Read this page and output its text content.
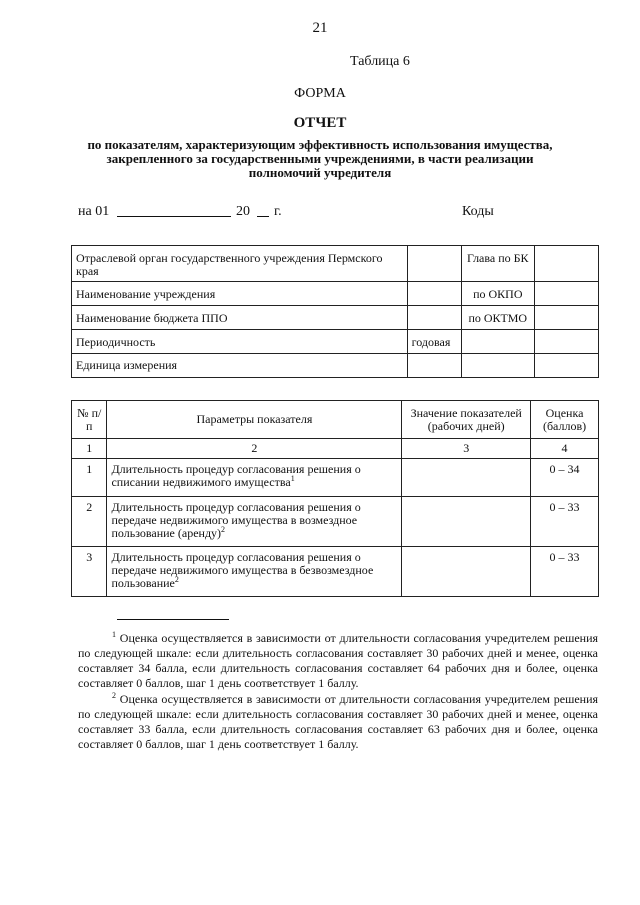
21
Таблица 6
ФОРМА
ОТЧЕТ
по показателям, характеризующим эффективность использования имущества, закрепленного за государственными учреждениями, в части реализации полномочий учредителя
на 01	20 г.	Коды
Отраслевой орган государственного учреждения Пермского края		Глава по БК	
Наименование учреждения		по ОКПО	
Наименование бюджета ППО		по ОКТМО	
Периодичность	годовая		
Единица измерения			
№ п/п	Параметры показателя	Значение показателей (рабочих дней)	Оценка (баллов)
1	2	3	4
1	Длительность процедур согласования решения о списании недвижимого имущества$^1$		0 – 34
2	Длительность процедур согласования решения о передаче недвижимого имущества в возмездное пользование (аренду)$^2$		0 – 33
3	Длительность процедур согласования решения о передаче недвижимого имущества в безвозмездное пользование$^2$		0 – 33
$^1$ Оценка осуществляется в зависимости от длительности согласования учредителем решения по следующей шкале: если длительность согласования составляет 30 рабочих дней и менее, оценка составляет 34 балла, если длительность согласования составляет 64 рабочих дня и более, оценка составляет 0 баллов, шаг 1 день соответствует 1 баллу.
$^2$ Оценка осуществляется в зависимости от длительности согласования учредителем решения по следующей шкале: если длительность согласования составляет 30 рабочих дней и менее, оценка составляет 33 балла, если длительность согласования составляет 63 рабочих дня и более, оценка составляет 0 баллов, шаг 1 день соответствует 1 баллу.
